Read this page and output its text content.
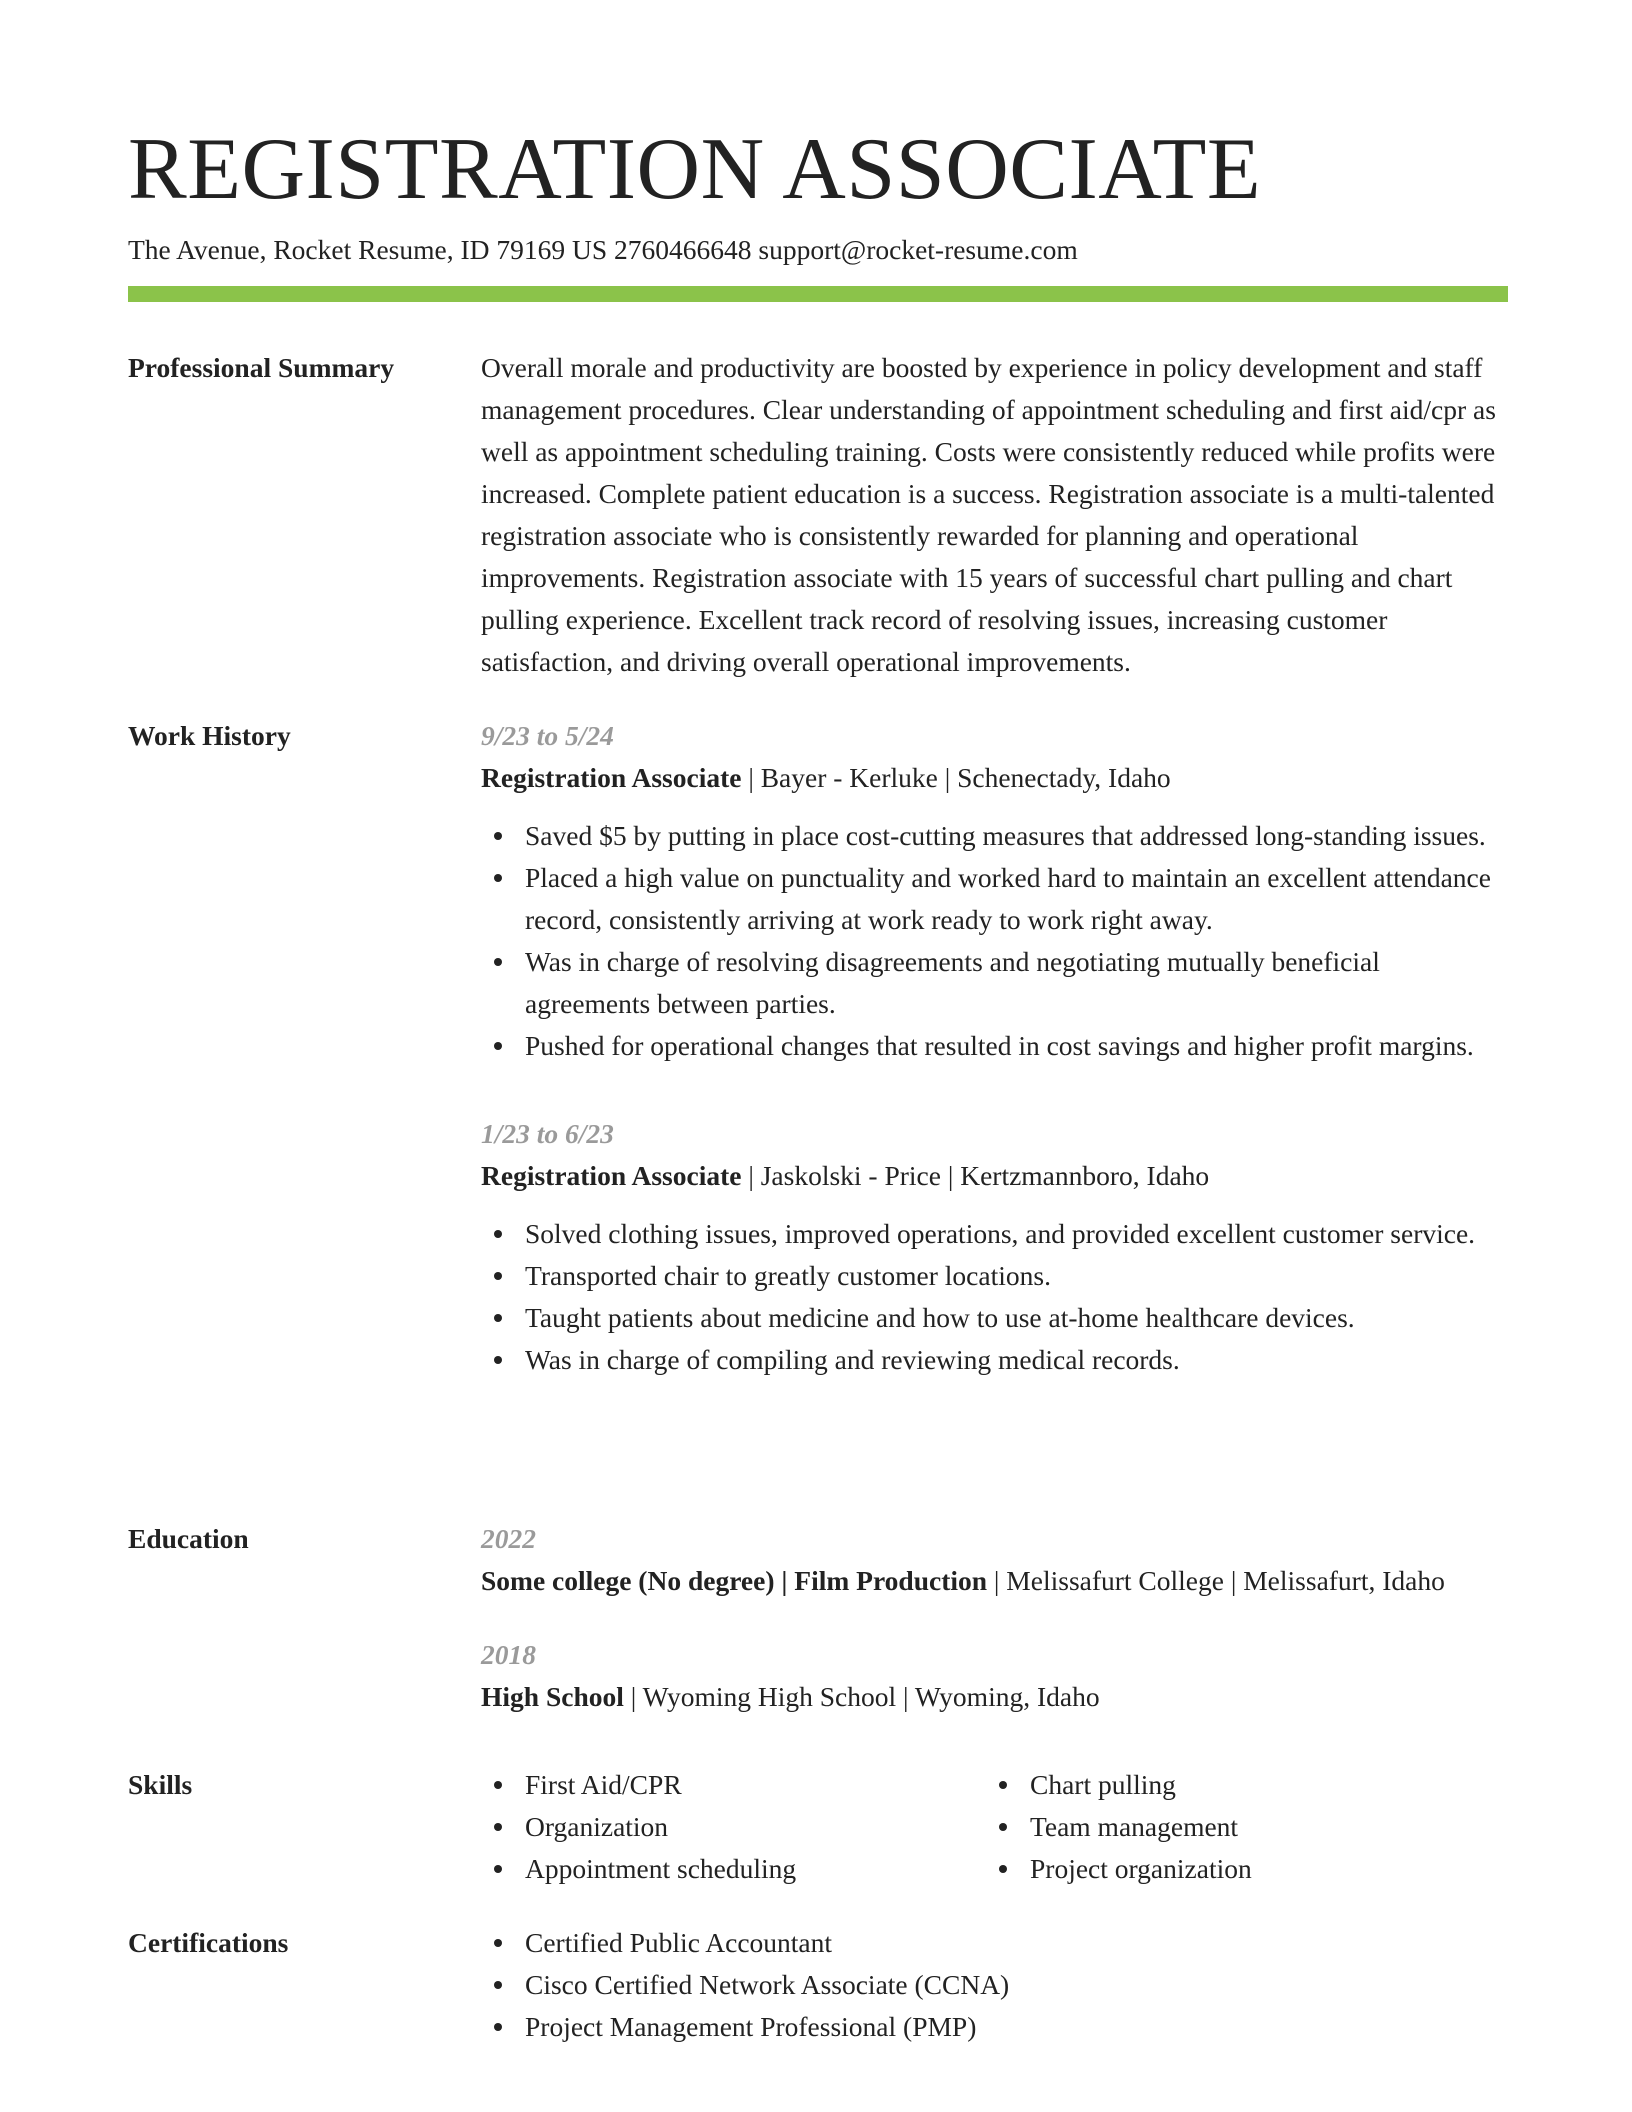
REGISTRATION ASSOCIATE
The Avenue, Rocket Resume, ID 79169 US 2760466648 support@rocket-resume.com
Professional Summary	Overall morale and productivity are boosted by experience in policy development and staff management procedures. Clear understanding of appointment scheduling and first aid/cpr as well as appointment scheduling training. Costs were consistently reduced while profits were increased. Complete patient education is a success. Registration associate is a multi-talented registration associate who is consistently rewarded for planning and operational improvements. Registration associate with 15 years of successful chart pulling and chart pulling experience. Excellent track record of resolving issues, increasing customer satisfaction, and driving overall operational improvements.
Work History	9/23 to 5/24
Registration Associate | Bayer - Kerluke | Schenectady, Idaho
Saved $5 by putting in place cost-cutting measures that addressed long-standing issues.
Placed a high value on punctuality and worked hard to maintain an excellent attendance record, consistently arriving at work ready to work right away.
Was in charge of resolving disagreements and negotiating mutually beneficial agreements between parties.
Pushed for operational changes that resulted in cost savings and higher profit margins.
1/23 to 6/23
Registration Associate | Jaskolski - Price | Kertzmannboro, Idaho
Solved clothing issues, improved operations, and provided excellent customer service.
Transported chair to greatly customer locations.
Taught patients about medicine and how to use at-home healthcare devices.
Was in charge of compiling and reviewing medical records.
Education	2022
Some college (No degree) | Film Production | Melissafurt College | Melissafurt, Idaho
2018
High School | Wyoming High School | Wyoming, Idaho
Skills	First Aid/CPR
Organization
Appointment scheduling
Chart pulling
Team management
Project organization
Certifications	Certified Public Accountant
Cisco Certified Network Associate (CCNA)
Project Management Professional (PMP)
